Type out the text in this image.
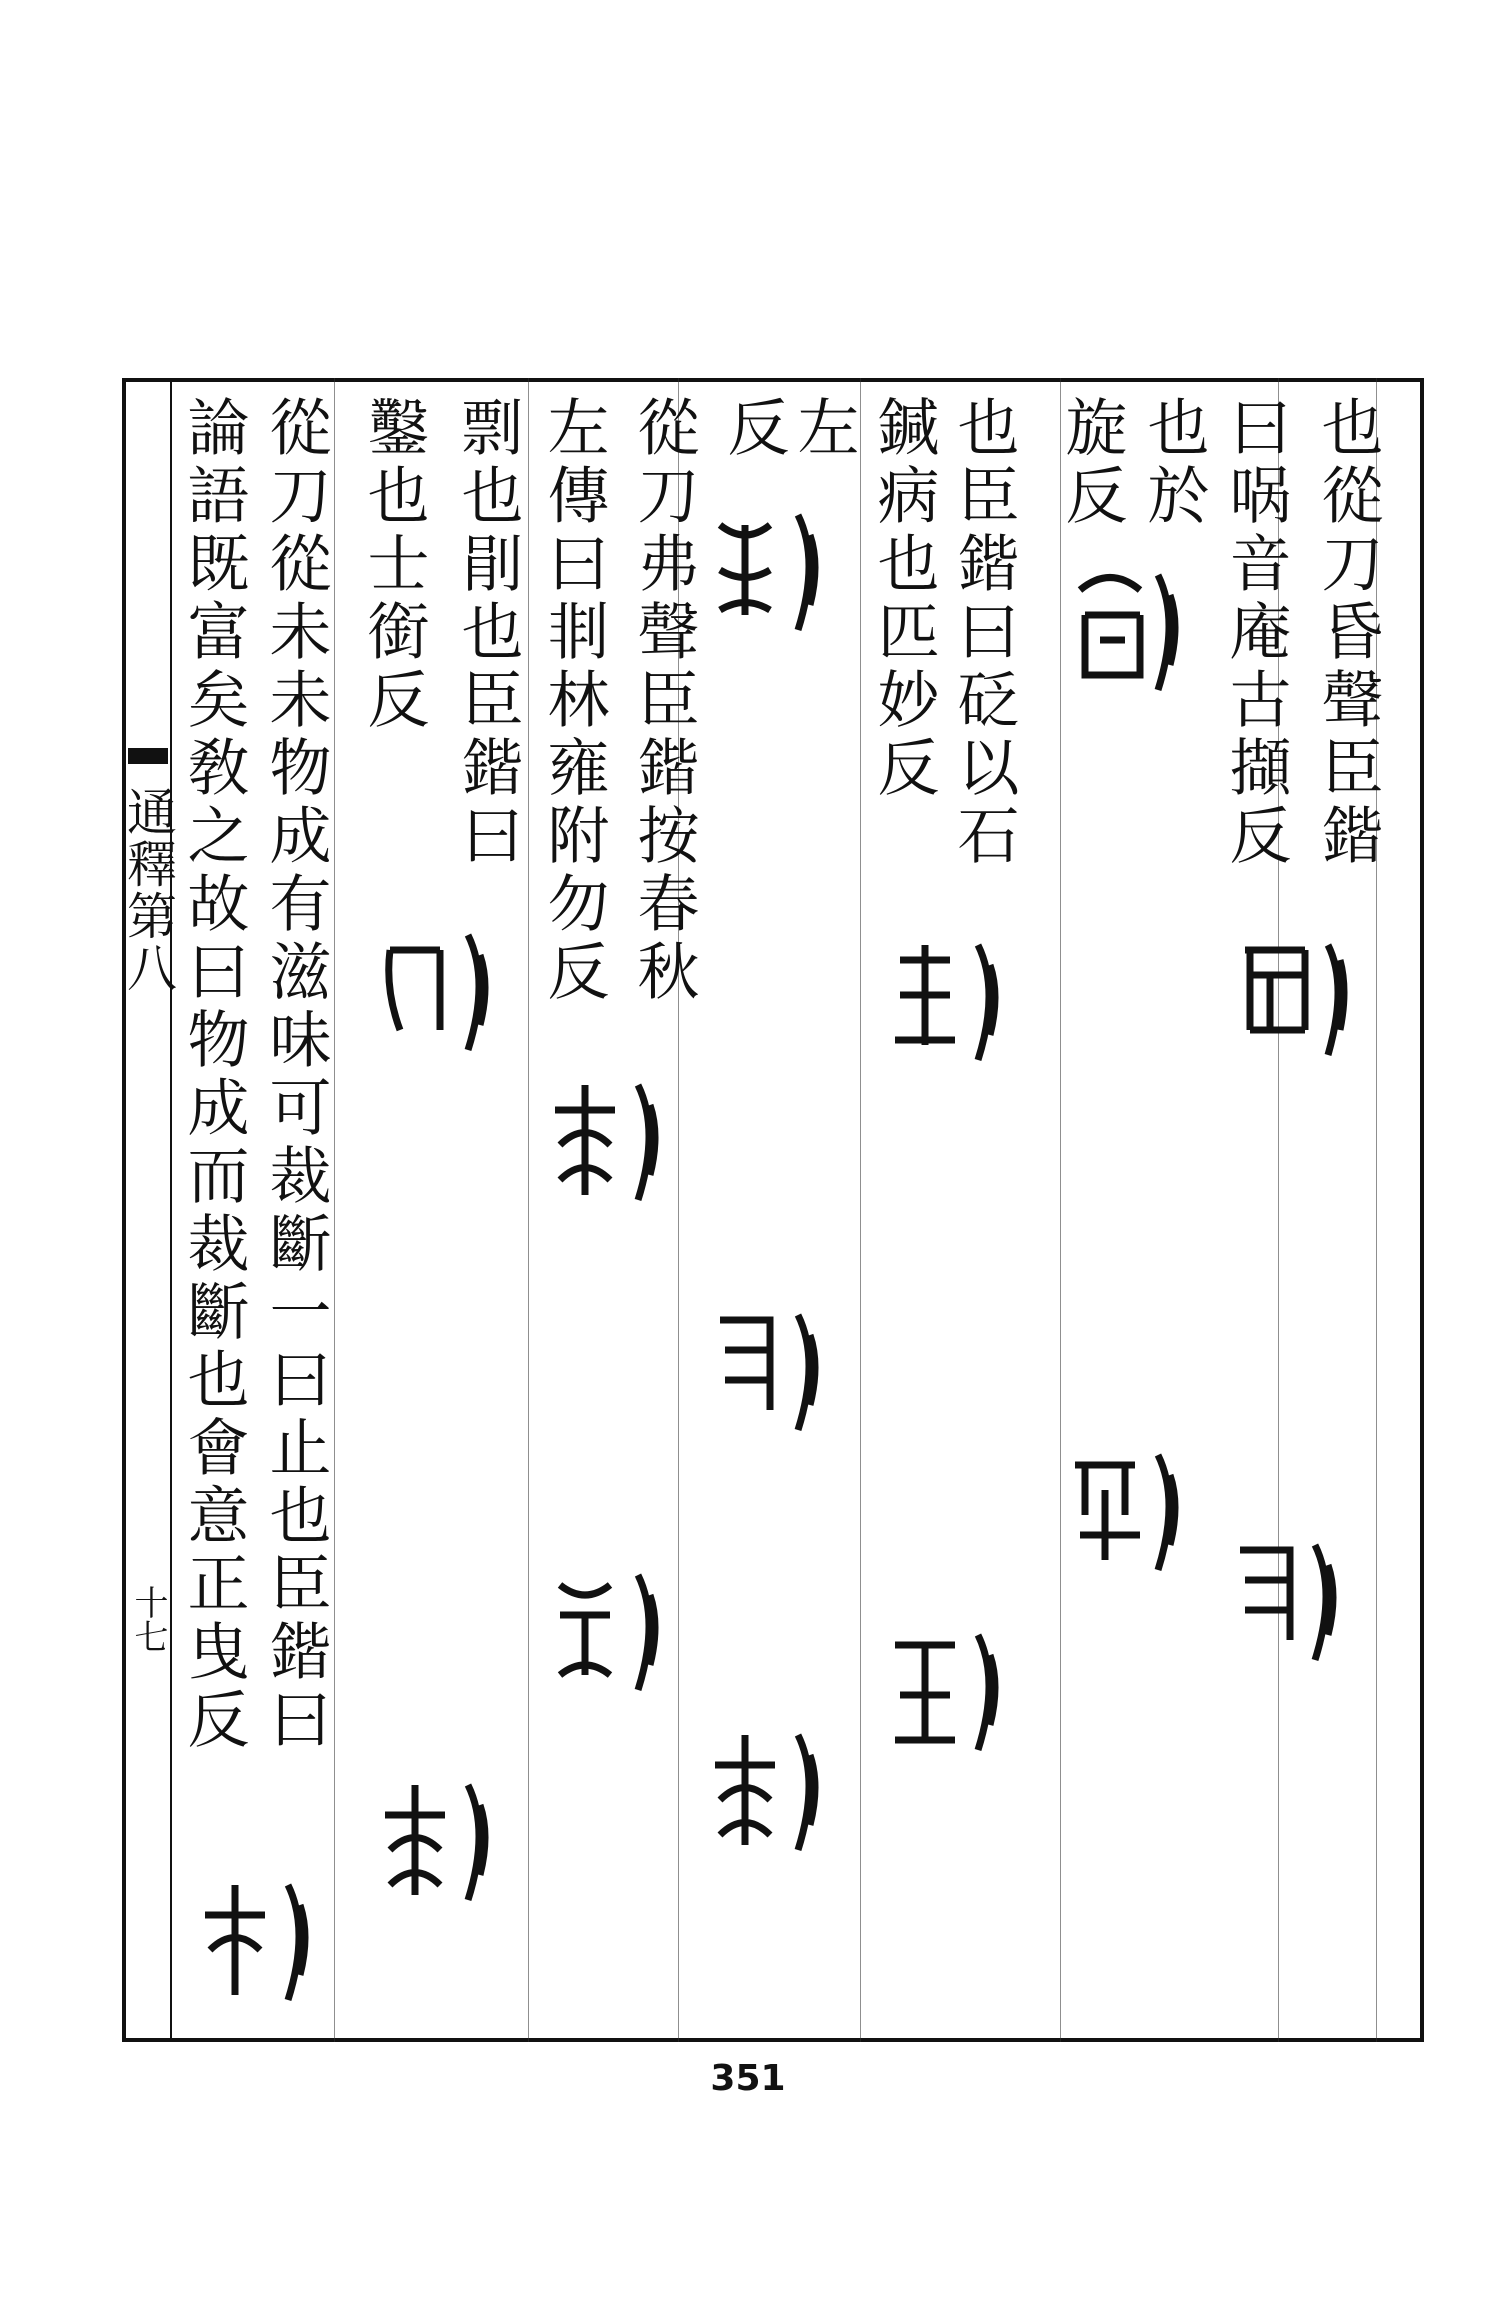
通釋第八
十七
也從刀昏聲臣鍇
曰㖞音庵古擷反
也於
旋反
也臣鍇曰砭以石
鍼病也匹妙反
左
反
從刀弗聲臣鍇按春秋
左傳曰剕林雍附勿反
剽也剈也臣鍇曰
鑿也士銜反
從刀從未未物成有滋味可裁斷一曰止也臣鍇曰
論語既富矣敎之故曰物成而裁斷也會意正曳反
351
